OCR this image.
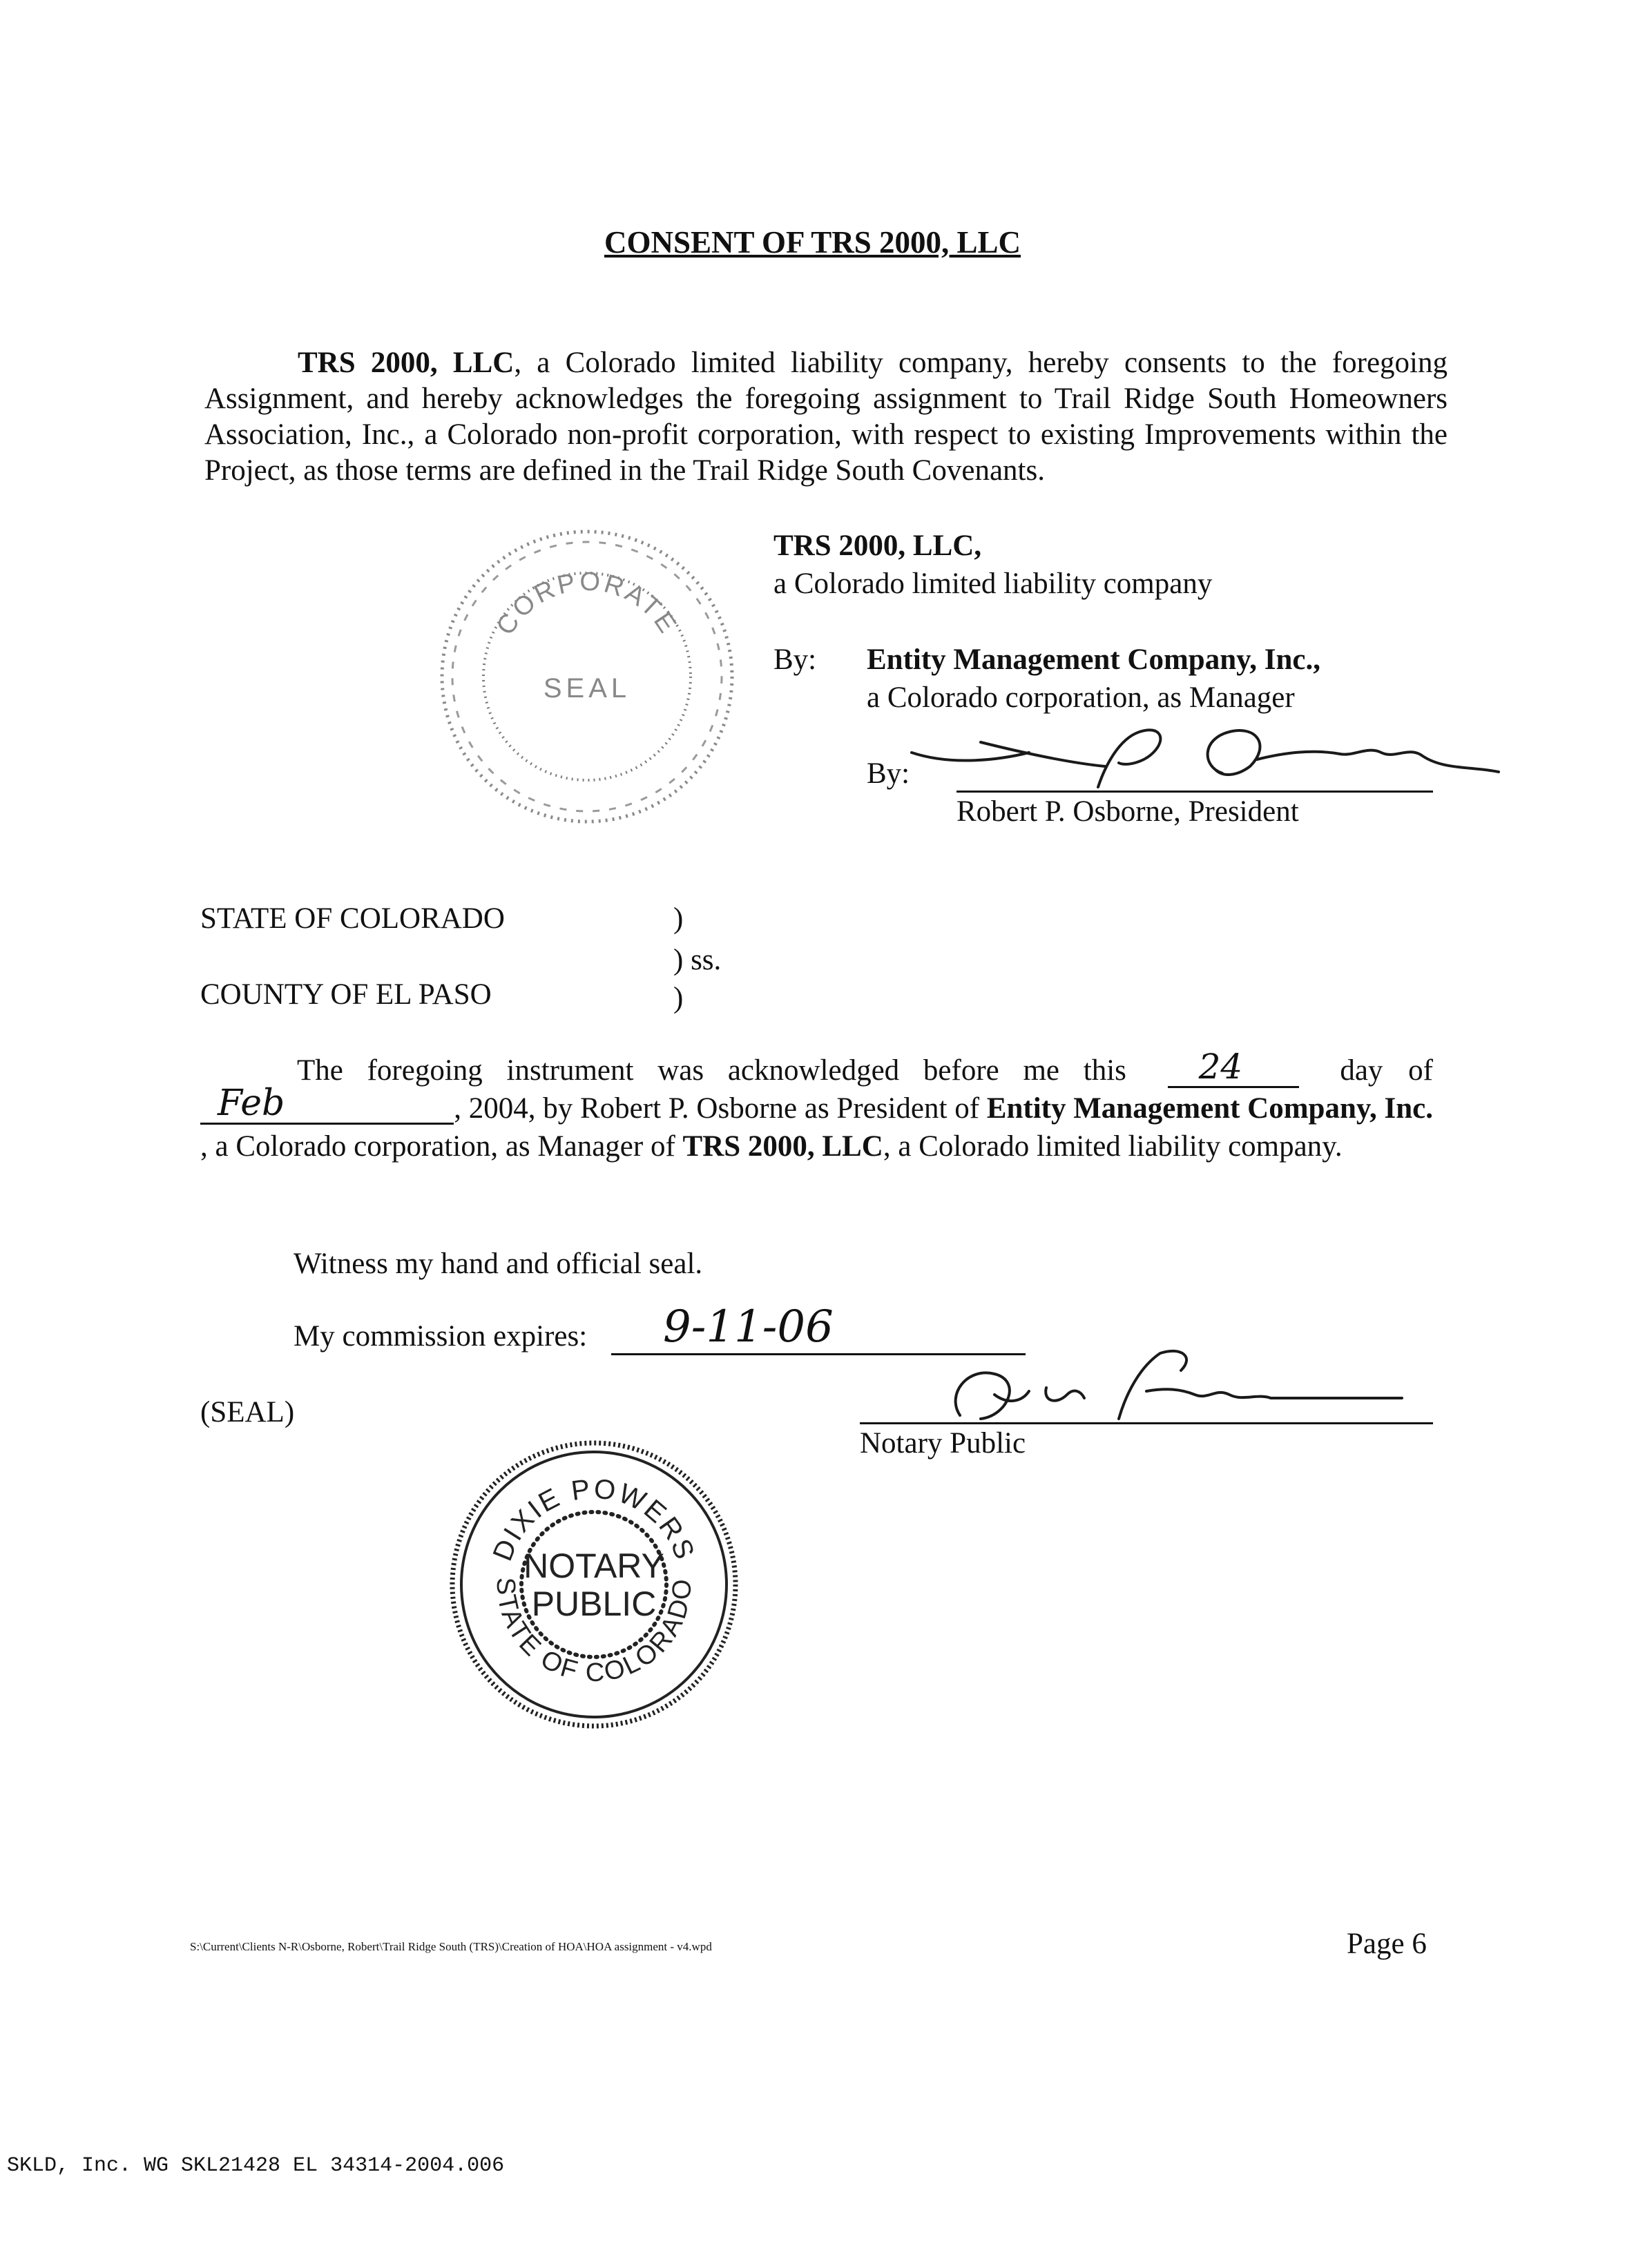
CONSENT OF TRS 2000, LLC
TRS 2000, LLC, a Colorado limited liability company, hereby consents to the foregoing Assignment, and hereby acknowledges the foregoing assignment to Trail Ridge South Homeowners Association, Inc., a Colorado non-profit corporation, with respect to existing Improvements within the Project, as those terms are defined in the Trail Ridge South Covenants.
CORPORATE
SEAL
TRS 2000, LLC,
a Colorado limited liability company
By: Entity Management Company, Inc.,
a Colorado corporation, as Manager
By:
Robert P. Osborne, President
STATE OF COLORADO	)
) ss.
COUNTY OF EL PASO	)
The foregoing instrument was acknowledged before me this 24	day of
Feb	, 2004, by Robert P. Osborne as President of
Entity Management Company, Inc.
, a Colorado corporation, as Manager of TRS 2000, LLC, a Colorado limited liability company.
Witness my hand and official seal.
My commission expires: 9-11-06
(SEAL)
Notary Public
DIXIE POWERS
STATE OF COLORADO
NOTARY
PUBLIC
S:\Current\Clients N-R\Osborne, Robert\Trail Ridge South (TRS)\Creation of HOA\HOA assignment - v4.wpd	Page 6
SKLD, Inc. WG SKL21428 EL 34314-2004.006
